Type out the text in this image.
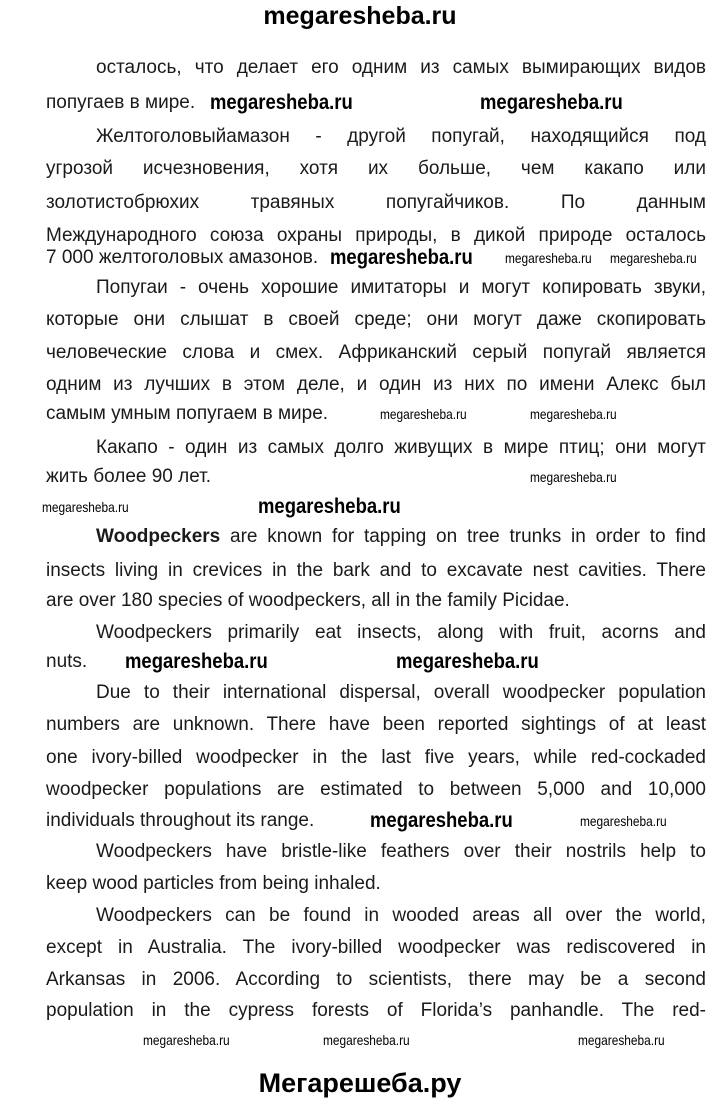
megaresheba.ru
осталось, что делает его одним из самых вымирающих видов
попугаев в мире.
Желтоголовыйамазон - другой попугай, находящийся под
угрозой исчезновения, хотя их больше, чем какапо или
золотистобрюхих травяных попугайчиков. По данным
Международного союза охраны природы, в дикой природе осталось
7 000 желтоголовых амазонов.
Попугаи - очень хорошие имитаторы и могут копировать звуки,
которые они слышат в своей среде; они могут даже скопировать
человеческие слова и смех. Африканский серый попугай является
одним из лучших в этом деле, и один из них по имени Алекс был
самым умным попугаем в мире.
Какапо - один из самых долго живущих в мире птиц; они могут
жить более 90 лет.
Woodpeckers are known for tapping on tree trunks in order to find
insects living in crevices in the bark and to excavate nest cavities. There
are over 180 species of woodpeckers, all in the family Picidae.
Woodpeckers primarily eat insects, along with fruit, acorns and
nuts.
Due to their international dispersal, overall woodpecker population
numbers are unknown. There have been reported sightings of at least
one ivory-billed woodpecker in the last five years, while red-cockaded
woodpecker populations are estimated to between 5,000 and 10,000
individuals throughout its range.
Woodpeckers have bristle-like feathers over their nostrils help to
keep wood particles from being inhaled.
Woodpeckers can be found in wooded areas all over the world,
except in Australia. The ivory-billed woodpecker was rediscovered in
Arkansas in 2006. According to scientists, there may be a second
population in the cypress forests of Florida’s panhandle. The red-
megaresheba.ru	megaresheba.ru
megaresheba.ru megaresheba.ru megaresheba.ru
megaresheba.ru	megaresheba.ru
megaresheba.ru
megaresheba.ru	megaresheba.ru
megaresheba.ru	megaresheba.ru
megaresheba.ru	megaresheba.ru
megaresheba.ru	megaresheba.ru	megaresheba.ru
Мегарешеба.ру
